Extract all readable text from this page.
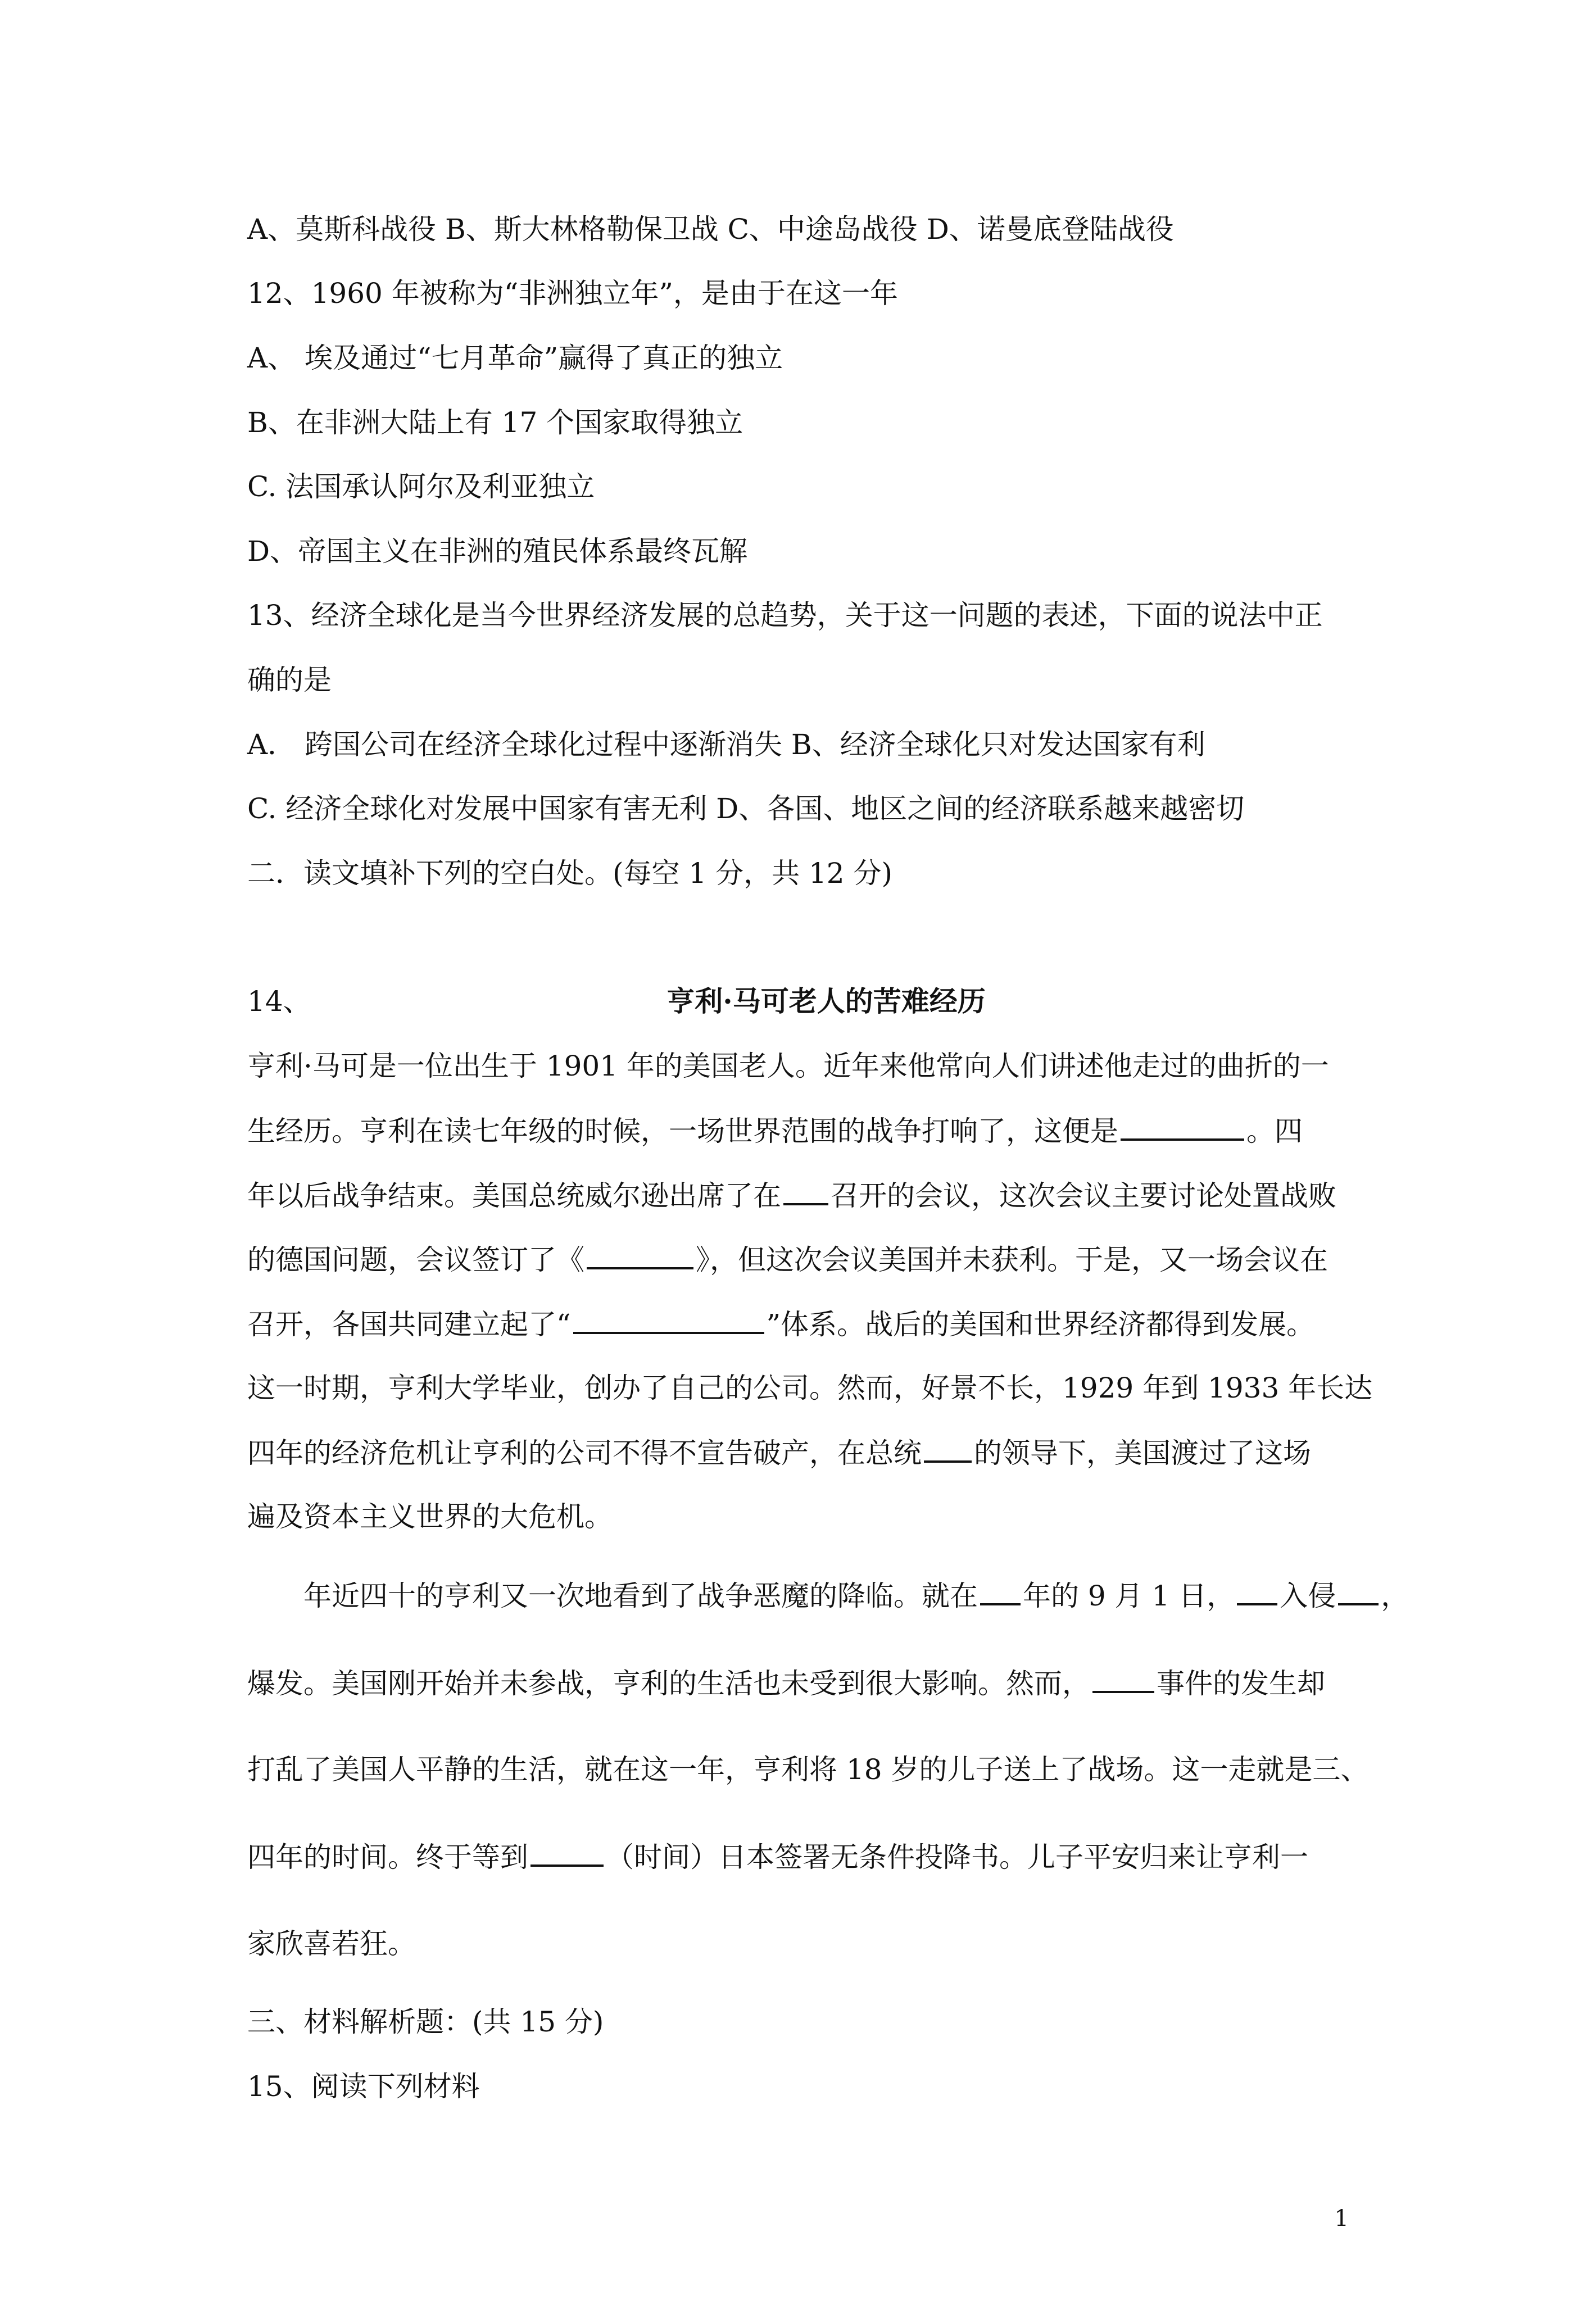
A、莫斯科战役 B、斯大林格勒保卫战 C、中途岛战役 D、诺曼底登陆战役
12、1960 年被称为“非洲独立年”，是由于在这一年
A、 埃及通过“七月革命”赢得了真正的独立
B、在非洲大陆上有 17 个国家取得独立
C. 法国承认阿尔及利亚独立
D、帝国主义在非洲的殖民体系最终瓦解
13、经济全球化是当今世界经济发展的总趋势，关于这一问题的表述，下面的说法中正
确的是
A． 跨国公司在经济全球化过程中逐渐消失 B、经济全球化只对发达国家有利
C. 经济全球化对发展中国家有害无利 D、各国、地区之间的经济联系越来越密切
二．读文填补下列的空白处。(每空 1 分，共 12 分)
14、	亨利·马可老人的苦难经历
亨利·马可是一位出生于 1901 年的美国老人。近年来他常向人们讲述他走过的曲折的一
生经历。亨利在读七年级的时候，一场世界范围的战争打响了，这便是	。四
年以后战争结束。美国总统威尔逊出席了在 召开的会议，这次会议主要讨论处置战败
的德国问题，会议签订了《	》，但这次会议美国并未获利。于是，又一场会议在
召开，各国共同建立起了“	”体系。战后的美国和世界经济都得到发展。
这一时期，亨利大学毕业，创办了自己的公司。然而，好景不长，1929 年到 1933 年长达
四年的经济危机让亨利的公司不得不宣告破产，在总统 的领导下，美国渡过了这场
遍及资本主义世界的大危机。
年近四十的亨利又一次地看到了战争恶魔的降临。就在 年的 9 月 1 日， 入侵 ，
爆发。美国刚开始并未参战，亨利的生活也未受到很大影响。然而， 事件的发生却
打乱了美国人平静的生活，就在这一年，亨利将 18 岁的儿子送上了战场。这一走就是三、
四年的时间。终于等到	（时间）日本签署无条件投降书。儿子平安归来让亨利一
家欣喜若狂。
三、材料解析题：(共 15 分)
15、阅读下列材料
1
